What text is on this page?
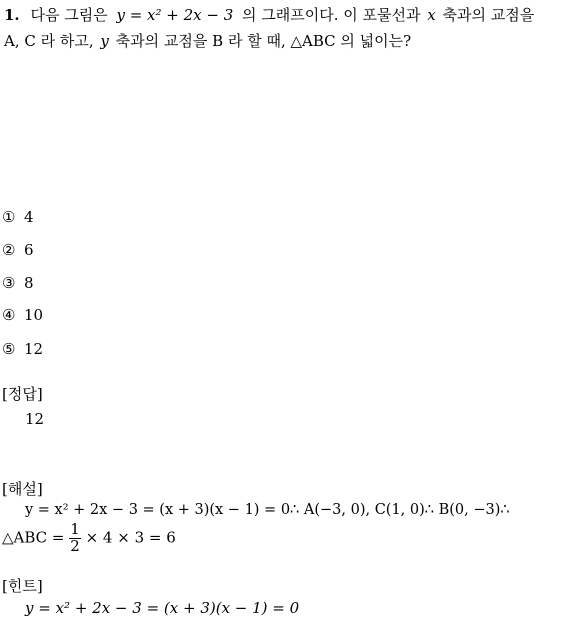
1. 다음 그림은 y = x² + 2x − 3 의 그래프이다. 이 포물선과 x 축과의 교점을
A, C 라 하고, y 축과의 교점을 B 라 할 때, △ABC 의 넓이는?
① 4
② 6
③ 8
④ 10
⑤ 12
[정답]
12
[해설]
y = x² + 2x − 3 = (x + 3)(x − 1) = 0∴ A(−3, 0), C(1, 0)∴ B(0, −3)∴
△ABC = $\frac{1}{2} \times 4 \times 3 = 6$
[힌트]
y = x² + 2x − 3 = (x + 3)(x − 1) = 0
